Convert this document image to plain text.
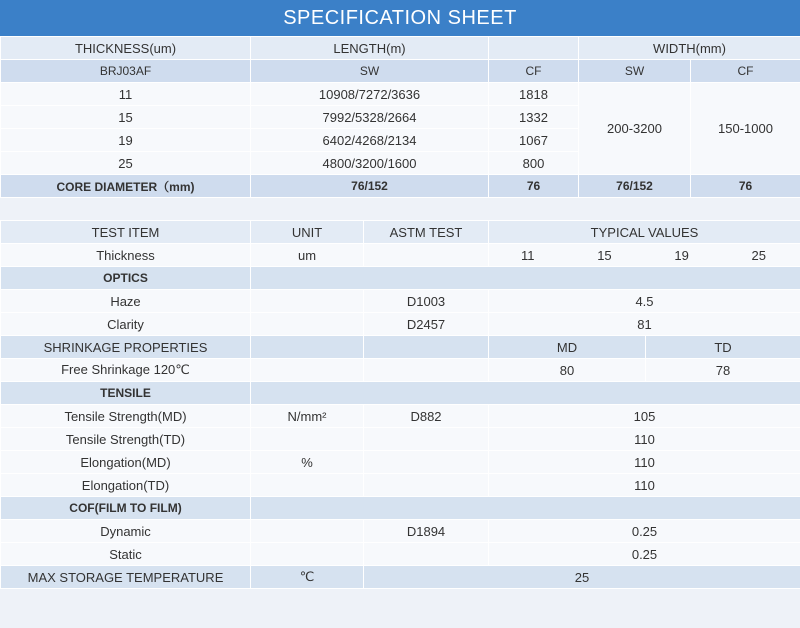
SPECIFICATION SHEET
THICKNESS(um)	LENGTH(m)		WIDTH(mm)	
BRJ03AF	SW	CF	SW	CF
11	10908/7272/3636	1818	200-3200	150-1000
15	7992/5328/2664	1332		
19	6402/4268/2134	1067		
25	4800/3200/1600	800		
CORE DIAMETER（mm)	76/152	76	76/152	76
TEST ITEM	UNIT	ASTM TEST	TYPICAL VALUES	
Thickness	um		11 15 19 25	

OPTICS				
Haze		D1003	4.5	
Clarity		D2457	81	
SHRINKAGE PROPERTIES			MD	TD
Free Shrinkage 120℃			80	78
TENSILE				
Tensile Strength(MD)	N/mm²	D882	105	
Tensile Strength(TD)			110	
Elongation(MD)	%		110	
Elongation(TD)			110	
COF(FILM TO FILM)				
Dynamic		D1894	0.25	
Static			0.25	
MAX STORAGE TEMPERATURE	℃	25		
